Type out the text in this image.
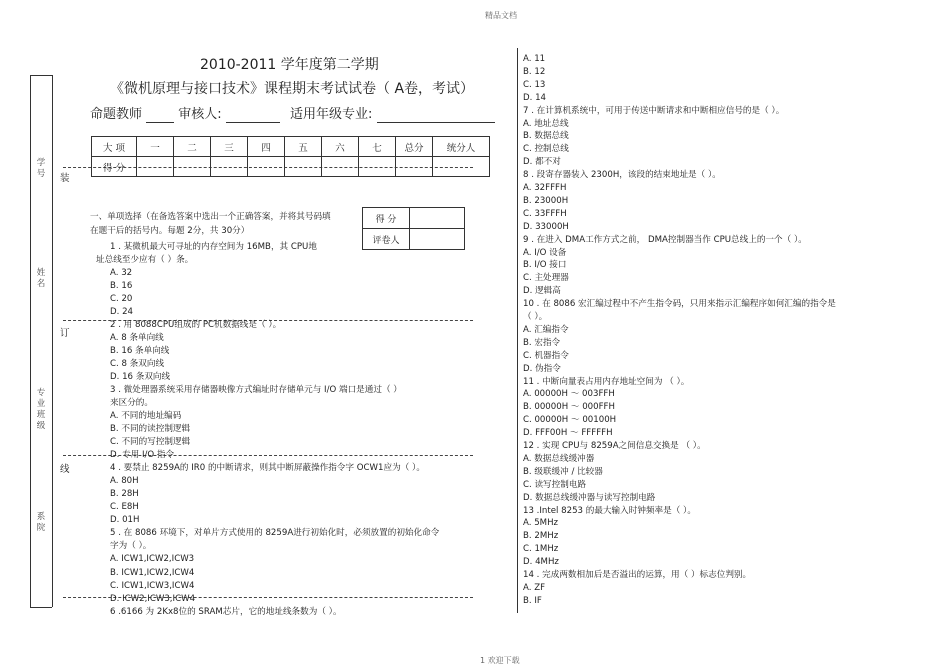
精品文档
1 欢迎下载
学号
姓名
专业班级
系院
装
订
线
2010-2011 学年度第二学期
《微机原理与接口技术》课程期末考试试卷（ A卷，考试）
命题教师	审核人:	适用年级专业:
大 项	一	二	三	四	五	六	七	总分	统分人
得 分									
得 分	
评卷人	
一、单项选择（在备选答案中选出一个正确答案，并将其号码填
在题干后的括号内。每题 2分，共 30分）
1 . 某微机最大可寻址的内存空间为 16MB，其 CPU地
址总线至少应有（ ）条。
A. 32
B. 16
C. 20
D. 24
2 . 用 8088CPU组成的 PC机数据线是（ ）。
A. 8 条单向线
B. 16 条单向线
C. 8 条双向线
D. 16 条双向线
3 . 微处理器系统采用存储器映像方式编址时存储单元与 I/O 端口是通过（ ）
来区分的。
A. 不同的地址编码
B. 不同的读控制逻辑
C. 不同的写控制逻辑
D. 专用 I/O 指令
4 . 要禁止 8259A的 IR0 的中断请求，则其中断屏蔽操作指令字 OCW1应为（ ）。
A. 80H
B. 28H
C. E8H
D. 01H
5 . 在 8086 环境下，对单片方式使用的 8259A进行初始化时，必须放置的初始化命令
字为（ ）。
A. ICW1,ICW2,ICW3
B. ICW1,ICW2,ICW4
C. ICW1,ICW3,ICW4
D. ICW2,ICW3,ICW4
6 .6166 为 2Kx8位的 SRAM芯片，它的地址线条数为（ ）。
A. 11
B. 12
C. 13
D. 14
7 . 在计算机系统中，可用于传送中断请求和中断相应信号的是（ ）。
A. 地址总线
B. 数据总线
C. 控制总线
D. 都不对
8 . 段寄存器装入 2300H，该段的结束地址是（ ）。
A. 32FFFH
B. 23000H
C. 33FFFH
D. 33000H
9 . 在进入 DMA工作方式之前， DMA控制器当作 CPU总线上的一个（ ）。
A. I/O 设备
B. I/O 接口
C. 主处理器
D. 逻辑高
10 . 在 8086 宏汇编过程中不产生指令码，只用来指示汇编程序如何汇编的指令是
（ ）。
A. 汇编指令
B. 宏指令
C. 机器指令
D. 伪指令
11 . 中断向量表占用内存地址空间为 （ ）。
A. 00000H ～ 003FFH
B. 00000H ～ 000FFH
C. 00000H ～ 00100H
D. FFF00H ～ FFFFFH
12 . 实现 CPU与 8259A之间信息交换是 （ ）。
A. 数据总线缓冲器
B. 级联缓冲 / 比较器
C. 读写控制电路
D. 数据总线缓冲器与读写控制电路
13 .Intel 8253 的最大输入时钟频率是（ ）。
A. 5MHz
B. 2MHz
C. 1MHz
D. 4MHz
14 . 完成两数相加后是否溢出的运算，用（ ）标志位判别。
A. ZF
B. IF
